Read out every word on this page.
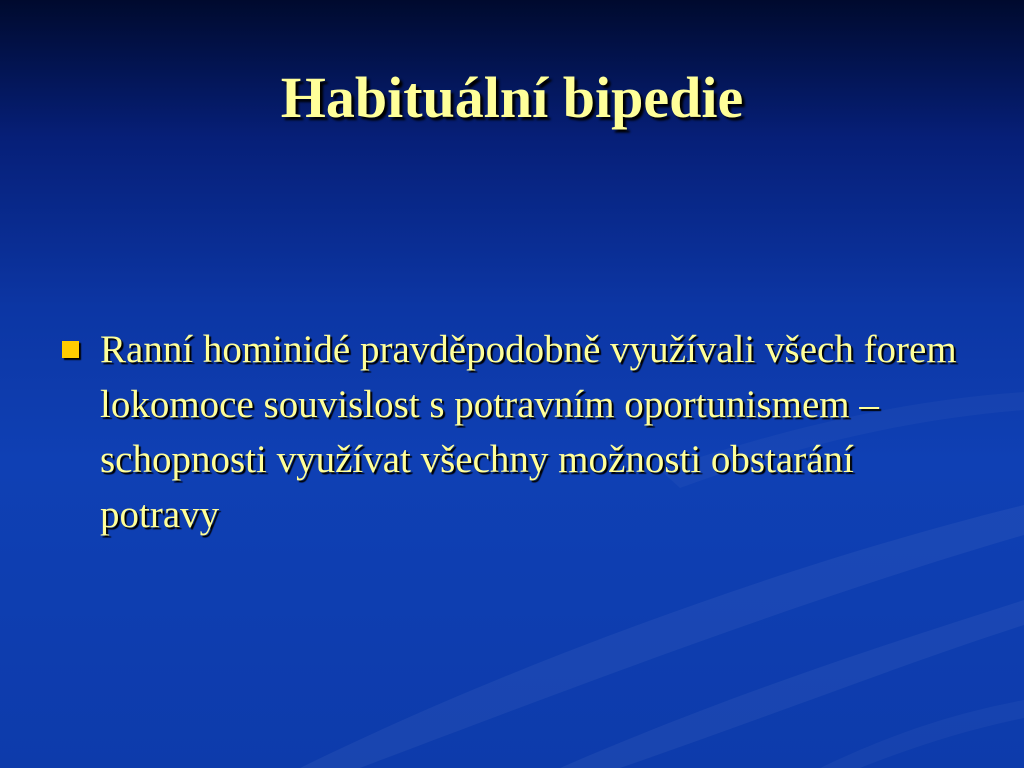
Habituální bipedie
Ranní hominidé pravděpodobně využívali všech forem lokomoce souvislost s potravním oportunismem – schopnosti využívat všechny možnosti obstarání potravy
